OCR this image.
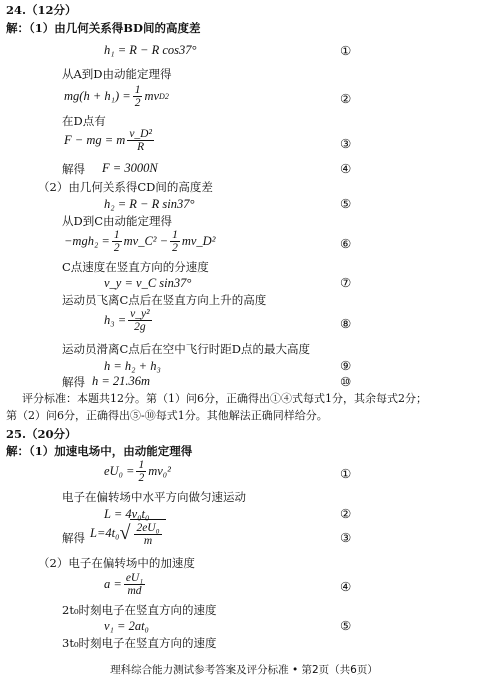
24.（12分）
解：（1）由几何关系得BD间的高度差
h₁ = R − R cos37°	①
从A到D由动能定理得
$mg(h + h_1) = \frac{1}{2}$ mv D 2	②
在D点有
F − mg = m $\frac{\text{v\_D²}}{R}$	③
解得 F = 3000N	④
（2）由几何关系得CD间的高度差
h₂ = R − R sin37°	⑤
从D到C由动能定理得
$-mgh_2 = \frac{1}{2}$ mv_C² − $\frac{1}{2}$ mv_D²	⑥
C点速度在竖直方向的分速度
v_y = v_C sin37°	⑦
运动员飞离C点后在竖直方向上升的高度
$h_3 = \frac{\text{v\_y²}}{2g}$	⑧
运动员滑离C点后在空中飞行时距D点的最大高度
h = h₂ + h₃	⑨
解得 h = 21.36m	⑩
评分标准：本题共12分。第（1）问6分，正确得出①④式每式1分，其余每式2分；
第（2）问6分，正确得出⑤-⑩每式1分。其他解法正确同样给分。
25.（20分）
解：（1）加速电场中，由动能定理得
$eU_0 = \frac{1}{2} mv_0^2$	①
电子在偏转场中水平方向做匀速运动
L = 4v₀t₀	②
解得 L=4t₀ √ $\frac{\text{2eU₀}}{m}$	③
（2）电子在偏转场中的加速度
$a = \frac{\text{eU₁}}{md}$	④
2t₀时刻电子在竖直方向的速度
v₁ = 2at₀	⑤
3t₀时刻电子在竖直方向的速度
理科综合能力测试参考答案及评分标准 • 第2页（共6页）
